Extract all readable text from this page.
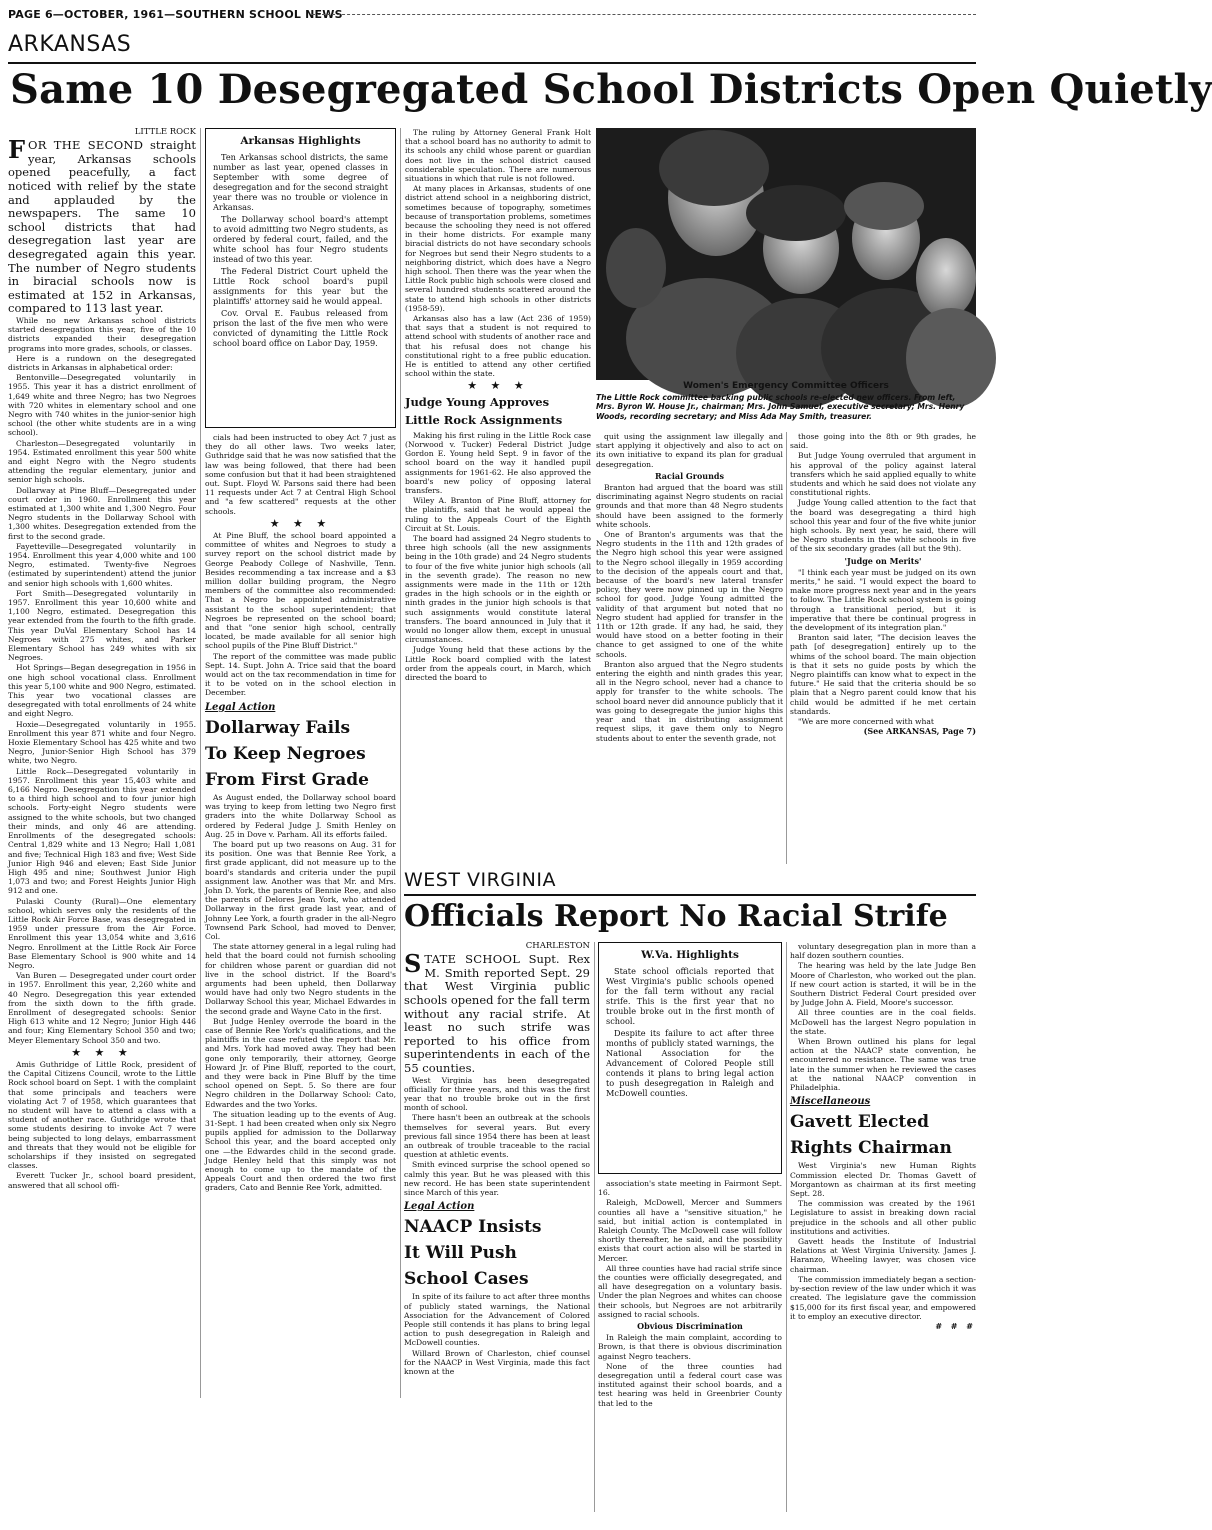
PAGE 6—OCTOBER, 1961—SOUTHERN SCHOOL NEWS
ARKANSAS
Same 10 Desegregated School Districts Open Quietly
LITTLE ROCK
FOR THE SECOND straight year, Arkansas schools opened peacefully, a fact noticed with relief by the state and applauded by the newspapers. The same 10 school districts that had desegregation last year are desegregated again this year. The number of Negro students in biracial schools now is estimated at 152 in Arkansas, compared to 113 last year.

While no new Arkansas school districts started desegregation this year, five of the 10 districts expanded their desegregation programs into more grades, schools, or classes.

Here is a rundown on the desegregated districts in Arkansas in alphabetical order:

Bentonville—Desegregated voluntarily in 1955. This year it has a district enrollment of 1,649 white and three Negro; has two Negroes with 720 whites in elementary school and one Negro with 740 whites in the junior-senior high school (the other white students are in a wing school).

Charleston—Desegregated voluntarily in 1954. Estimated enrollment this year 500 white and eight Negro with the Negro students attending the regular elementary, junior and senior high schools.

Dollarway at Pine Bluff—Desegregated under court order in 1960. Enrollment this year estimated at 1,300 white and 1,300 Negro. Four Negro students in the Dollarway School with 1,300 whites. Desegregation extended from the first to the second grade.

Fayetteville—Desegregated voluntarily in 1954. Enrollment this year 4,000 white and 100 Negro, estimated. Twenty-five Negroes (estimated by superintendent) attend the junior and senior high schools with 1,600 whites.

Fort Smith—Desegregated voluntarily in 1957. Enrollment this year 10,600 white and 1,100 Negro, estimated. Desegregation this year extended from the fourth to the fifth grade. This year DuVal Elementary School has 14 Negroes with 275 whites, and Parker Elementary School has 249 whites with six Negroes.

Hot Springs—Began desegregation in 1956 in one high school vocational class. Enrollment this year 5,100 white and 900 Negro, estimated. This year two vocational classes are desegregated with total enrollments of 24 white and eight Negro.

Hoxie—Desegregated voluntarily in 1955. Enrollment this year 871 white and four Negro. Hoxie Elementary School has 425 white and two Negro, Junior-Senior High School has 379 white, two Negro.

Little Rock—Desegregated voluntarily in 1957. Enrollment this year 15,403 white and 6,166 Negro. Desegregation this year extended to a third high school and to four junior high schools. Forty-eight Negro students were assigned to the white schools, but two changed their minds, and only 46 are attending. Enrollments of the desegregated schools: Central 1,829 white and 13 Negro; Hall 1,081 and five; Technical High 183 and five; West Side Junior High 946 and eleven; East Side Junior High 495 and nine; Southwest Junior High 1,073 and two; and Forest Heights Junior High 912 and one.

Pulaski County (Rural)—One elementary school, which serves only the residents of the Little Rock Air Force Base, was desegregated in 1959 under pressure from the Air Force. Enrollment this year 13,054 white and 3,616 Negro. Enrollment at the Little Rock Air Force Base Elementary School is 900 white and 14 Negro.

Van Buren — Desegregated under court order in 1957. Enrollment this year, 2,260 white and 40 Negro. Desegregation this year extended from the sixth down to the fifth grade. Enrollment of desegregated schools: Senior High 613 white and 12 Negro; Junior High 446 and four; King Elementary School 350 and two; Meyer Elementary School 350 and two.

★ ★ ★

Amis Guthridge of Little Rock, president of the Capital Citizens Council, wrote to the Little Rock school board on Sept. 1 with the complaint that some principals and teachers were violating Act 7 of 1958, which guarantees that no student will have to attend a class with a student of another race. Guthridge wrote that some students desiring to invoke Act 7 were being subjected to long delays, embarrassment and threats that they would not be eligible for scholarships if they insisted on segregated classes.

Everett Tucker Jr., school board president, answered that all school offi-

Arkansas Highlights

Ten Arkansas school districts, the same number as last year, opened classes in September with some degree of desegregation and for the second straight year there was no trouble or violence in Arkansas.

The Dollarway school board's attempt to avoid admitting two Negro students, as ordered by federal court, failed, and the white school has four Negro students instead of two this year.

The Federal District Court upheld the Little Rock school board's pupil assignments for this year but the plaintiffs' attorney said he would appeal.

Cov. Orval E. Faubus released from prison the last of the five men who were convicted of dynamiting the Little Rock school board office on Labor Day, 1959.

cials had been instructed to obey Act 7 just as they do all other laws. Two weeks later, Guthridge said that he was now satisfied that the law was being followed, that there had been some confusion but that it had been straightened out. Supt. Floyd W. Parsons said there had been 11 requests under Act 7 at Central High School and "a few scattered" requests at the other schools.

★ ★ ★

At Pine Bluff, the school board appointed a committee of whites and Negroes to study a survey report on the school district made by George Peabody College of Nashville, Tenn. Besides recommending a tax increase and a $3 million dollar building program, the Negro members of the committee also recommended: That a Negro be appointed administrative assistant to the school superintendent; that Negroes be represented on the school board; and that "one senior high school, centrally located, be made available for all senior high school pupils of the Pine Bluff District."

The report of the committee was made public Sept. 14. Supt. John A. Trice said that the board would act on the tax recommendation in time for it to be voted on in the school election in December.

Legal Action
Dollarway Fails
To Keep Negroes
From First Grade

As August ended, the Dollarway school board was trying to keep from letting two Negro first graders into the white Dollarway School as ordered by Federal Judge J. Smith Henley on Aug. 25 in Dove v. Parham. All its efforts failed.

The board put up two reasons on Aug. 31 for its position. One was that Bennie Ree York, a first grade applicant, did not measure up to the board's standards and criteria under the pupil assignment law. Another was that Mr. and Mrs. John D. York, the parents of Bennie Ree, and also the parents of Delores Jean York, who attended Dollarway in the first grade last year, and of Johnny Lee York, a fourth grader in the all-Negro Townsend Park School, had moved to Denver, Col.

The state attorney general in a legal ruling had held that the board could not furnish schooling for children whose parent or guardian did not live in the school district. If the Board's arguments had been upheld, then Dollarway would have had only two Negro students in the Dollarway School this year, Michael Edwardes in the second grade and Wayne Cato in the first.

But Judge Henley overrode the board in the case of Bennie Ree York's qualifications, and the plaintiffs in the case refuted the report that Mr. and Mrs. York had moved away. They had been gone only temporarily, their attorney, George Howard Jr. of Pine Bluff, reported to the court, and they were back in Pine Bluff by the time school opened on Sept. 5. So there are four Negro children in the Dollarway School: Cato, Edwardes and the two Yorks.

The situation leading up to the events of Aug. 31-Sept. 1 had been created when only six Negro pupils applied for admission to the Dollarway School this year, and the board accepted only one —the Edwardes child in the second grade. Judge Henley held that this simply was not enough to come up to the mandate of the Appeals Court and then ordered the two first graders, Cato and Bennie Ree York, admitted.

The ruling by Attorney General Frank Holt that a school board has no authority to admit to its schools any child whose parent or guardian does not live in the school district caused considerable speculation. There are numerous situations in which that rule is not followed.

At many places in Arkansas, students of one district attend school in a neighboring district, sometimes because of topography, sometimes because of transportation problems, sometimes because the schooling they need is not offered in their home districts. For example many biracial districts do not have secondary schools for Negroes but send their Negro students to a neighboring district, which does have a Negro high school. Then there was the year when the Little Rock public high schools were closed and several hundred students scattered around the state to attend high schools in other districts (1958-59).

Arkansas also has a law (Act 236 of 1959) that says that a student is not required to attend school with students of another race and that his refusal does not change his constitutional right to a free public education. He is entitled to attend any other certified school within the state.

★ ★ ★
Judge Young Approves
Little Rock Assignments

Making his first ruling in the Little Rock case (Norwood v. Tucker) Federal District Judge Gordon E. Young held Sept. 9 in favor of the school board on the way it handled pupil assignments for 1961-62. He also approved the board's new policy of opposing lateral transfers.

Wiley A. Branton of Pine Bluff, attorney for the plaintiffs, said that he would appeal the ruling to the Appeals Court of the Eighth Circuit at St. Louis.

The board had assigned 24 Negro students to three high schools (all the new assignments being in the 10th grade) and 24 Negro students to four of the five white junior high schools (all in the seventh grade). The reason no new assignments were made in the 11th or 12th grades in the high schools or in the eighth or ninth grades in the junior high schools is that such assignments would constitute lateral transfers. The board announced in July that it would no longer allow them, except in unusual circumstances.

Judge Young held that these actions by the Little Rock board complied with the latest order from the appeals court, in March, which directed the board to

Women's Emergency Committee Officers
The Little Rock committee backing public schools re-elected new officers. From left, Mrs. Byron W. House Jr., chairman; Mrs. John Samuel, executive secretary; Mrs. Henry Woods, recording secretary; and Miss Ada May Smith, treasurer.

quit using the assignment law illegally and start applying it objectively and also to act on its own initiative to expand its plan for gradual desegregation.

Racial Grounds

Branton had argued that the board was still discriminating against Negro students on racial grounds and that more than 48 Negro students should have been assigned to the formerly white schools.

One of Branton's arguments was that the Negro students in the 11th and 12th grades of the Negro high school this year were assigned to the Negro school illegally in 1959 according to the decision of the appeals court and that, because of the board's new lateral transfer policy, they were now pinned up in the Negro school for good. Judge Young admitted the validity of that argument but noted that no Negro student had applied for transfer in the 11th or 12th grade. If any had, he said, they would have stood on a better footing in their chance to get assigned to one of the white schools.

Branton also argued that the Negro students entering the eighth and ninth grades this year, all in the Negro school, never had a chance to apply for transfer to the white schools. The school board never did announce publicly that it was going to desegregate the junior highs this year and that in distributing assignment request slips, it gave them only to Negro students about to enter the seventh grade, not

those going into the 8th or 9th grades, he said.

But Judge Young overruled that argument in his approval of the policy against lateral transfers which he said applied equally to white students and which he said does not violate any constitutional rights.

Judge Young called attention to the fact that the board was desegregating a third high school this year and four of the five white junior high schools. By next year, he said, there will be Negro students in the white schools in five of the six secondary grades (all but the 9th).

'Judge on Merits'

"I think each year must be judged on its own merits," he said. "I would expect the board to make more progress next year and in the years to follow. The Little Rock school system is going through a transitional period, but it is imperative that there be continual progress in the development of its integration plan."

Branton said later, "The decision leaves the path [of desegregation] entirely up to the whims of the school board. The main objection is that it sets no guide posts by which the Negro plaintiffs can know what to expect in the future." He said that the criteria should be so plain that a Negro parent could know that his child would be admitted if he met certain standards.

"We are more concerned with what

(See ARKANSAS, Page 7)
WEST VIRGINIA
Officials Report No Racial Strife
CHARLESTON
STATE SCHOOL Supt. Rex M. Smith reported Sept. 29 that West Virginia public schools opened for the fall term without any racial strife. At least no such strife was reported to his office from superintendents in each of the 55 counties.

West Virginia has been desegregated officially for three years, and this was the first year that no trouble broke out in the first month of school.

There hasn't been an outbreak at the schools themselves for several years. But every previous fall since 1954 there has been at least an outbreak of trouble traceable to the racial question at athletic events.

Smith evinced surprise the school opened so calmly this year. But he was pleased with this new record. He has been state superintendent since March of this year.

Legal Action
NAACP Insists
It Will Push
School Cases

In spite of its failure to act after three months of publicly stated warnings, the National Association for the Advancement of Colored People still contends it has plans to bring legal action to push desegregation in Raleigh and McDowell counties.

Willard Brown of Charleston, chief counsel for the NAACP in West Virginia, made this fact known at the

W.Va. Highlights

State school officials reported that West Virginia's public schools opened for the fall term without any racial strife. This is the first year that no trouble broke out in the first month of school.

Despite its failure to act after three months of publicly stated warnings, the National Association for the Advancement of Colored People still contends it plans to bring legal action to push desegregation in Raleigh and McDowell counties.

association's state meeting in Fairmont Sept. 16.

Raleigh, McDowell, Mercer and Summers counties all have a "sensitive situation," he said, but initial action is contemplated in Raleigh County. The McDowell case will follow shortly thereafter, he said, and the possibility exists that court action also will be started in Mercer.

All three counties have had racial strife since the counties were officially desegregated, and all have desegregation on a voluntary basis. Under the plan Negroes and whites can choose their schools, but Negroes are not arbitrarily assigned to racial schools.

Obvious Discrimination

In Raleigh the main complaint, according to Brown, is that there is obvious discrimination against Negro teachers.

None of the three counties had desegregation until a federal court case was instituted against their school boards, and a test hearing was held in Greenbrier County that led to the

voluntary desegregation plan in more than a half dozen southern counties.

The hearing was held by the late Judge Ben Moore of Charleston, who worked out the plan. If new court action is started, it will be in the Southern District Federal Court presided over by Judge John A. Field, Moore's successor.

All three counties are in the coal fields. McDowell has the largest Negro population in the state.

When Brown outlined his plans for legal action at the NAACP state convention, he encountered no resistance. The same was true late in the summer when he reviewed the cases at the national NAACP convention in Philadelphia.

Miscellaneous
Gavett Elected
Rights Chairman

West Virginia's new Human Rights Commission elected Dr. Thomas Gavett of Morgantown as chairman at its first meeting Sept. 28.

The commission was created by the 1961 Legislature to assist in breaking down racial prejudice in the schools and all other public institutions and activities.

Gavett heads the Institute of Industrial Relations at West Virginia University. James J. Haranzo, Wheeling lawyer, was chosen vice chairman.

The commission immediately began a section-by-section review of the law under which it was created. The legislature gave the commission $15,000 for its first fiscal year, and empowered it to employ an executive director.

# # #
